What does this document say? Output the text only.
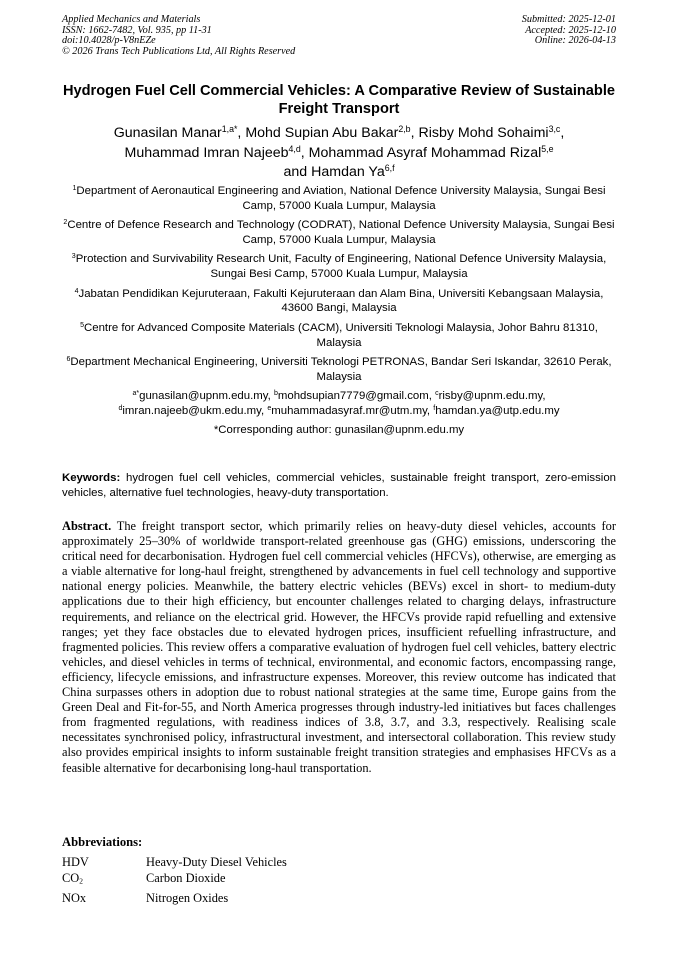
Applied Mechanics and Materials
ISSN: 1662-7482, Vol. 935, pp 11-31
doi:10.4028/p-V8nEZe
© 2026 Trans Tech Publications Ltd, All Rights Reserved
Submitted: 2025-12-01
Accepted: 2025-12-10
Online: 2026-04-13
Hydrogen Fuel Cell Commercial Vehicles: A Comparative Review of Sustainable Freight Transport
Gunasilan Manar$^{1,a*}$, Mohd Supian Abu Bakar$^{2,b}$, Risby Mohd Sohaimi$^{3,c}$,
Muhammad Imran Najeeb$^{4,d}$, Mohammad Asyraf Mohammad Rizal$^{5,e}$
and Hamdan Ya$^{6,f}$
$^1$Department of Aeronautical Engineering and Aviation, National Defence University Malaysia, Sungai Besi Camp, 57000 Kuala Lumpur, Malaysia
$^2$Centre of Defence Research and Technology (CODRAT), National Defence University Malaysia, Sungai Besi Camp, 57000 Kuala Lumpur, Malaysia
$^3$Protection and Survivability Research Unit, Faculty of Engineering, National Defence University Malaysia, Sungai Besi Camp, 57000 Kuala Lumpur, Malaysia
$^4$Jabatan Pendidikan Kejuruteraan, Fakulti Kejuruteraan dan Alam Bina, Universiti Kebangsaan Malaysia, 43600 Bangi, Malaysia
$^5$Centre for Advanced Composite Materials (CACM), Universiti Teknologi Malaysia, Johor Bahru 81310, Malaysia
$^6$Department Mechanical Engineering, Universiti Teknologi PETRONAS, Bandar Seri Iskandar, 32610 Perak, Malaysia
$^{a*}$gunasilan@upnm.edu.my, $^b$mohdsupian7779@gmail.com, $^c$risby@upnm.edu.my,
$^d$imran.najeeb@ukm.edu.my, $^e$muhammadasyraf.mr@utm.my, $^f$hamdan.ya@utp.edu.my
*Corresponding author: gunasilan@upnm.edu.my
Keywords: hydrogen fuel cell vehicles, commercial vehicles, sustainable freight transport, zero-emission vehicles, alternative fuel technologies, heavy-duty transportation.
Abstract. The freight transport sector, which primarily relies on heavy-duty diesel vehicles, accounts for approximately 25–30% of worldwide transport-related greenhouse gas (GHG) emissions, underscoring the critical need for decarbonisation. Hydrogen fuel cell commercial vehicles (HFCVs), otherwise, are emerging as a viable alternative for long-haul freight, strengthened by advancements in fuel cell technology and supportive national energy policies. Meanwhile, the battery electric vehicles (BEVs) excel in short- to medium-duty applications due to their high efficiency, but encounter challenges related to charging delays, infrastructure requirements, and reliance on the electrical grid. However, the HFCVs provide rapid refuelling and extensive ranges; yet they face obstacles due to elevated hydrogen prices, insufficient refuelling infrastructure, and fragmented policies. This review offers a comparative evaluation of hydrogen fuel cell vehicles, battery electric vehicles, and diesel vehicles in terms of technical, environmental, and economic factors, encompassing range, efficiency, lifecycle emissions, and infrastructure expenses. Moreover, this review outcome has indicated that China surpasses others in adoption due to robust national strategies at the same time, Europe gains from the Green Deal and Fit-for-55, and North America progresses through industry-led initiatives but faces challenges from fragmented regulations, with readiness indices of 3.8, 3.7, and 3.3, respectively. Realising scale necessitates synchronised policy, infrastructural investment, and intersectoral collaboration. This review study also provides empirical insights to inform sustainable freight transition strategies and emphasises HFCVs as a feasible alternative for decarbonising long-haul transportation.
Abbreviations:
HDV	Heavy-Duty Diesel Vehicles
CO2	Carbon Dioxide
NOx	Nitrogen Oxides
